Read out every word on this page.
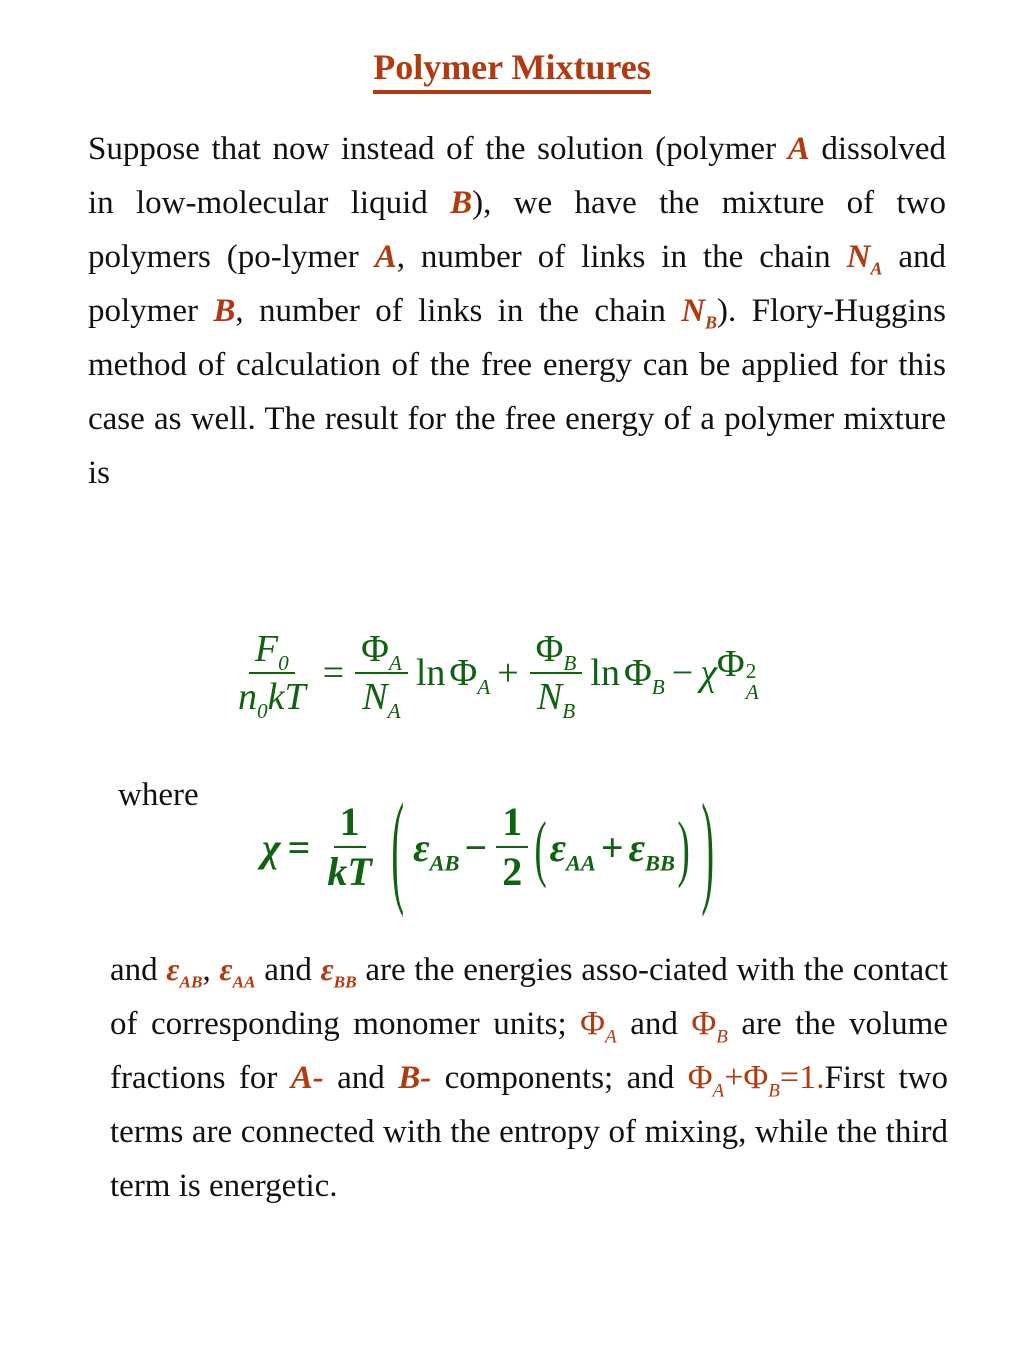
Polymer Mixtures
Suppose that now instead of the solution (polymer A dissolved in low-molecular liquid B), we have the mixture of two polymers (po-lymer A, number of links in the chain $N_A$ and polymer B, number of links in the chain $N_B$). Flory-Huggins method of calculation of the free energy can be applied for this case as well. The result for the free energy of a polymer mixture is
$\frac{F_0}{n_0kT} = \frac{\Phi_A}{N_A}$ $\ln \Phi_A + \frac{\Phi_B}{N_B}$ $\ln \Phi_B - \chi$ Φ 2
A
where
$\chi = \frac{1}{kT}$ ( $\varepsilon_{AB} - \frac{1}{2}$ ( $\varepsilon_{AA} + \varepsilon_{BB}$ ) )
and $\varepsilon_{AB}$, $\varepsilon_{AA}$ and $\varepsilon_{BB}$ are the energies asso-ciated with the contact of corresponding monomer units; $\Phi_A$ and $\Phi_B$ are the volume fractions for A- and B- components; and $\Phi_A+\Phi_B=1.First$ two terms are connected with the entropy of mixing, while the third term is energetic.
